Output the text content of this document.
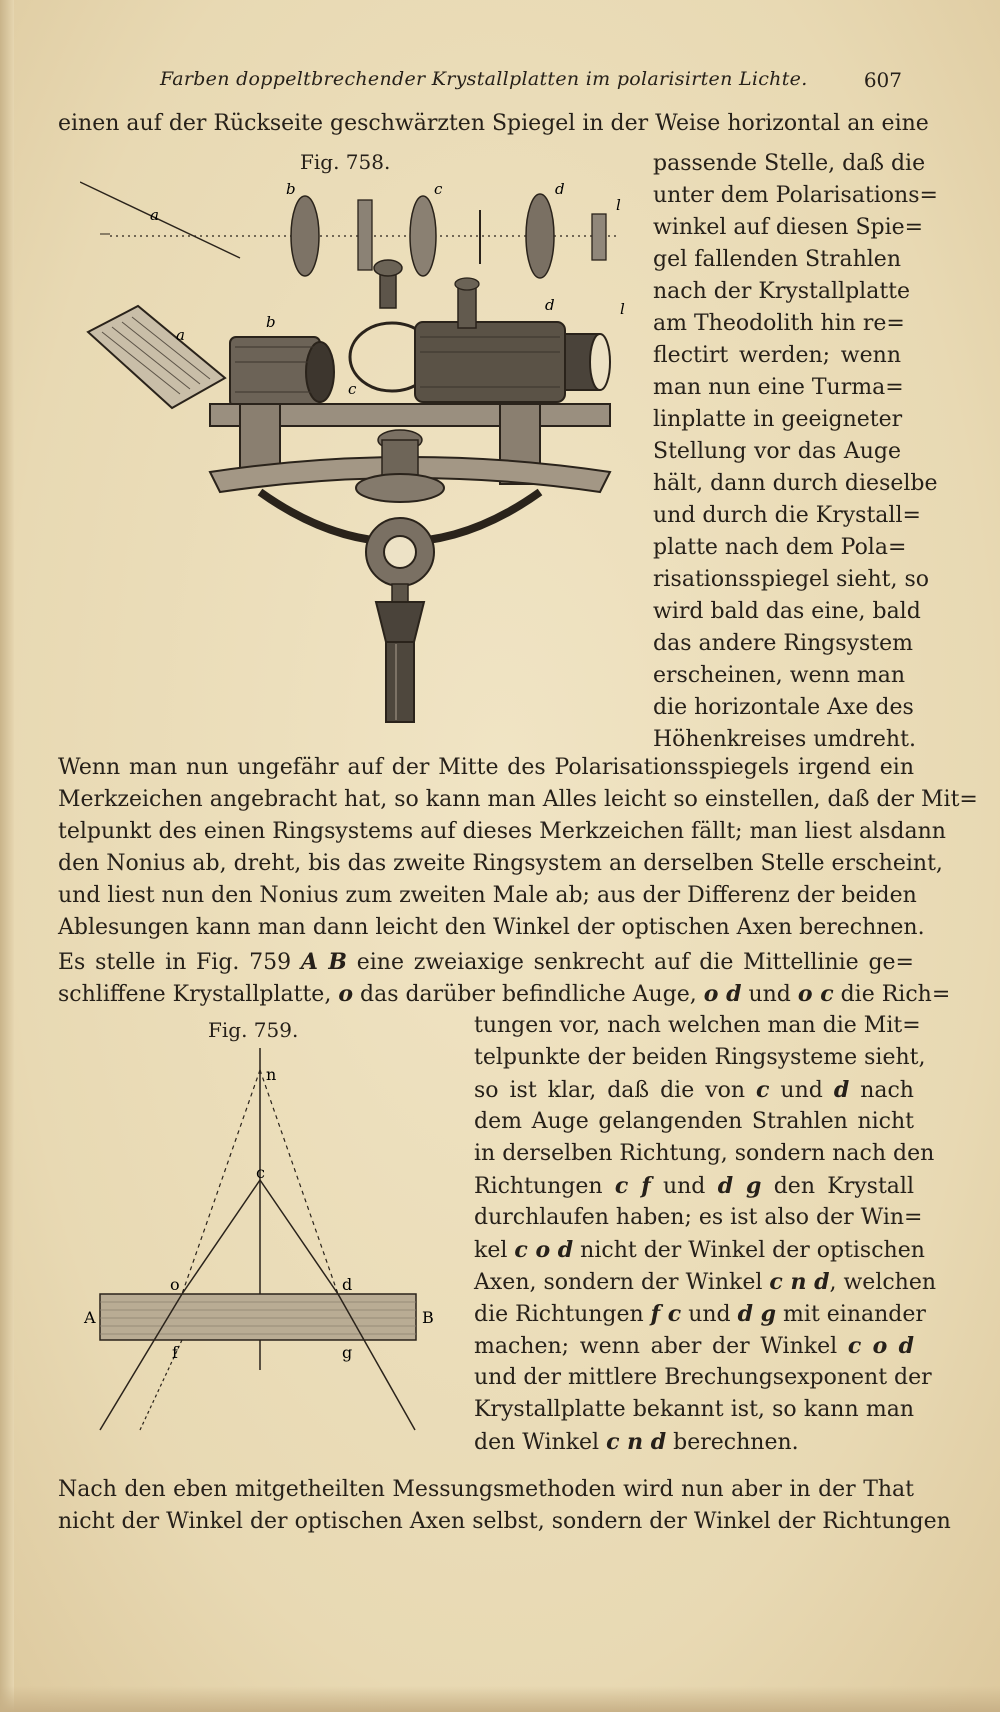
Farben doppeltbrechender Krystallplatten im polarisirten Lichte.	607
einen auf der Rückseite geschwärzten Spiegel in der Weise horizontal an eine
Fig. 758.
a
b	c	d
l
a
b
c
d	l
passende Stelle, daß die
unter dem Polarisations=
winkel auf diesen Spie=
gel fallenden Strahlen
nach der Krystallplatte
am Theodolith hin re=
flectirt werden; wenn
man nun eine Turma=
linplatte in geeigneter
Stellung vor das Auge
hält, dann durch dieselbe
und durch die Krystall=
platte nach dem Pola=
risationsspiegel sieht, so
wird bald das eine, bald
das andere Ringsystem
erscheinen, wenn man
die horizontale Axe des
Höhenkreises umdreht.
Wenn man nun ungefähr auf der Mitte des Polarisationsspiegels irgend ein
Merkzeichen angebracht hat, so kann man Alles leicht so einstellen, daß der Mit=
telpunkt des einen Ringsystems auf dieses Merkzeichen fällt; man liest alsdann
den Nonius ab, dreht, bis das zweite Ringsystem an derselben Stelle erscheint,
und liest nun den Nonius zum zweiten Male ab; aus der Differenz der beiden
Ablesungen kann man dann leicht den Winkel der optischen Axen berechnen.
Es stelle in Fig. 759 A B eine zweiaxige senkrecht auf die Mittellinie ge=
schliffene Krystallplatte, o das darüber befindliche Auge, o d und o c die Rich=
Fig. 759.
n
c
o	d
A	B
f	g
tungen vor, nach welchen man die Mit=
telpunkte der beiden Ringsysteme sieht,
so ist klar, daß die von c und d nach
dem Auge gelangenden Strahlen nicht
in derselben Richtung, sondern nach den
Richtungen c f und d g den Krystall
durchlaufen haben; es ist also der Win=
kel c o d nicht der Winkel der optischen
Axen, sondern der Winkel c n d, welchen
die Richtungen f c und d g mit einander
machen; wenn aber der Winkel c o d
und der mittlere Brechungsexponent der
Krystallplatte bekannt ist, so kann man
den Winkel c n d berechnen.
Nach den eben mitgetheilten Messungsmethoden wird nun aber in der That
nicht der Winkel der optischen Axen selbst, sondern der Winkel der Richtungen
